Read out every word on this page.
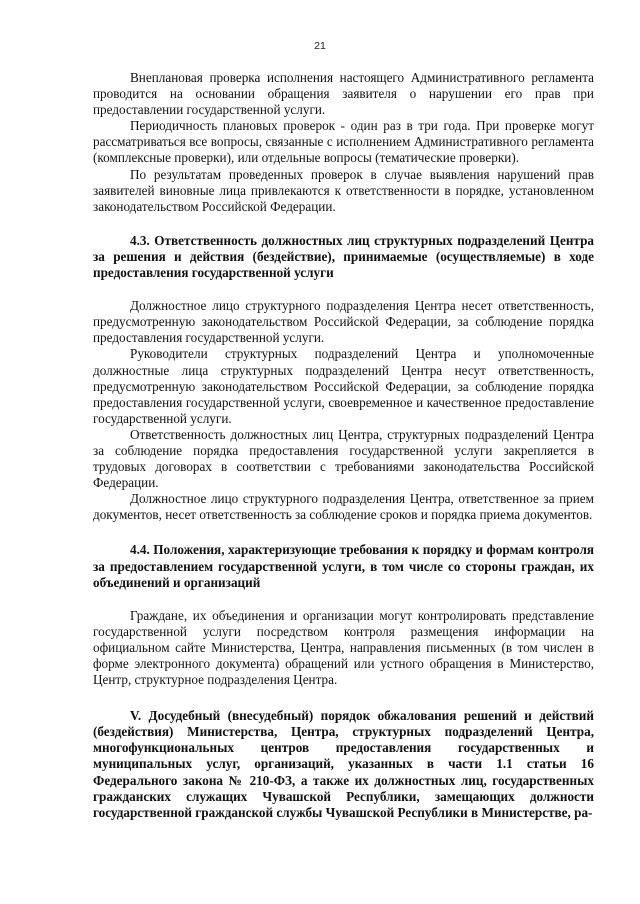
21

Внеплановая проверка исполнения настоящего Административного регламента проводится на основании обращения заявителя о нарушении его прав при предоставлении государственной услуги.

Периодичность плановых проверок - один раз в три года. При проверке могут рассматриваться все вопросы, связанные с исполнением Административного регламента (комплексные проверки), или отдельные вопросы (тематические проверки).

По результатам проведенных проверок в случае выявления нарушений прав заявителей виновные лица привлекаются к ответственности в порядке, установленном законодательством Российской Федерации.

4.3. Ответственность должностных лиц структурных подразделений Центра за решения и действия (бездействие), принимаемые (осуществляемые) в ходе предоставления государственной услуги

Должностное лицо структурного подразделения Центра несет ответственность, предусмотренную законодательством Российской Федерации, за соблюдение порядка предоставления государственной услуги.

Руководители структурных подразделений Центра и уполномоченные должностные лица структурных подразделений Центра несут ответственность, предусмотренную законодательством Российской Федерации, за соблюдение порядка предоставления государственной услуги, своевременное и качественное предоставление государственной услуги.

Ответственность должностных лиц Центра, структурных подразделений Центра за соблюдение порядка предоставления государственной услуги закрепляется в трудовых договорах в соответствии с требованиями законодательства Российской Федерации.

Должностное лицо структурного подразделения Центра, ответственное за прием документов, несет ответственность за соблюдение сроков и порядка приема документов.

4.4. Положения, характеризующие требования к порядку и формам контроля за предоставлением государственной услуги, в том числе со стороны граждан, их объединений и организаций

Граждане, их объединения и организации могут контролировать представление государственной услуги посредством контроля размещения информации на официальном сайте Министерства, Центра, направления письменных (в том числен в форме электронного документа) обращений или устного обращения в Министерство, Центр, структурное подразделения Центра.

V. Досудебный (внесудебный) порядок обжалования решений и действий (бездействия) Министерства, Центра, структурных подразделений Центра, многофункциональных центров предоставления государственных и муниципальных услуг, организаций, указанных в части 1.1 статьи 16 Федерального закона № 210-ФЗ, а также их должностных лиц, государственных гражданских служащих Чувашской Республики, замещающих должности государственной гражданской службы Чувашской Республики в Министерстве, ра-
